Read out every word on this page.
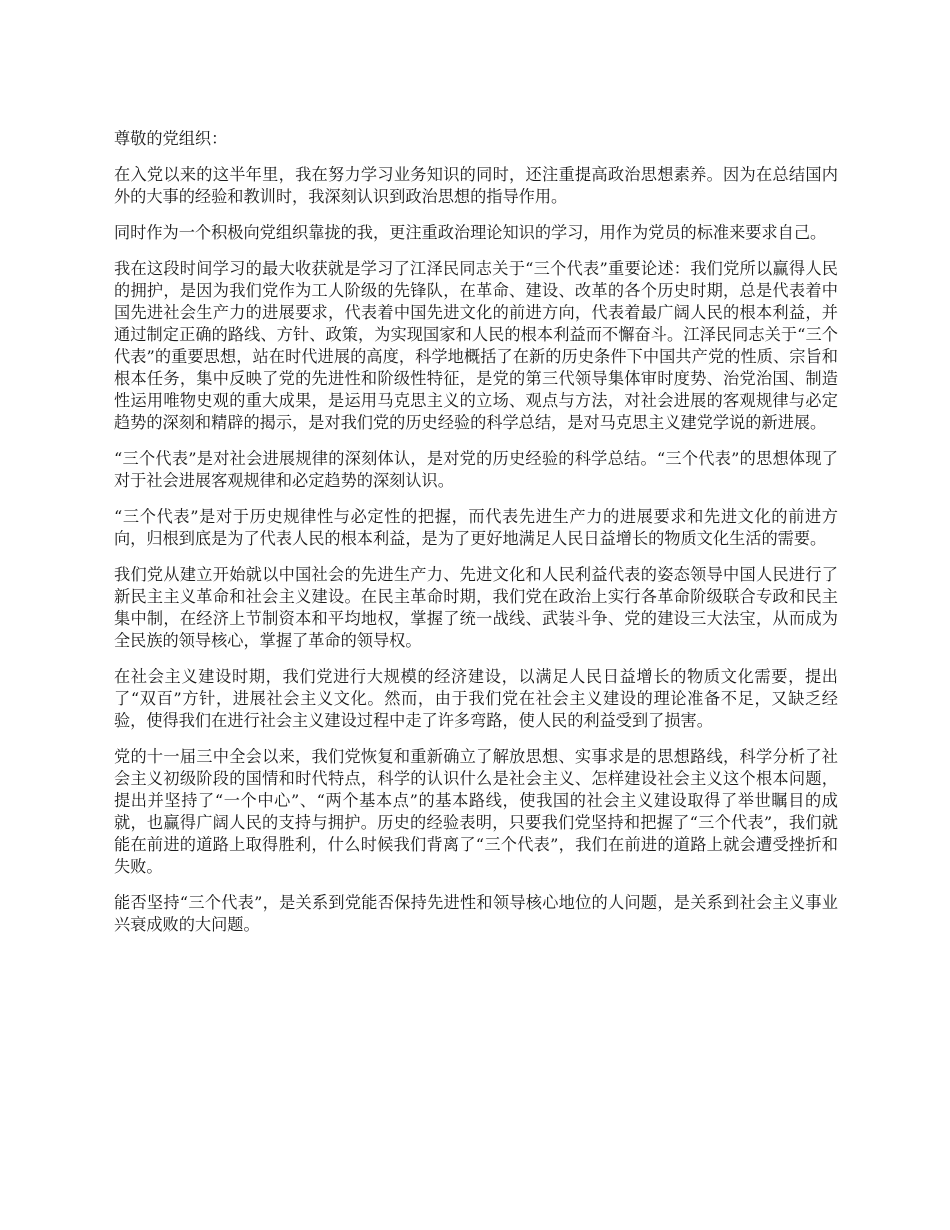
尊敬的党组织：

在入党以来的这半年里，我在努力学习业务知识的同时，还注重提高政治思想素养。因为在总结国内外的大事的经验和教训时，我深刻认识到政治思想的指导作用。

同时作为一个积极向党组织靠拢的我，更注重政治理论知识的学习，用作为党员的标准来要求自己。

我在这段时间学习的最大收获就是学习了江泽民同志关于“三个代表”重要论述：我们党所以赢得人民的拥护，是因为我们党作为工人阶级的先锋队，在革命、建设、改革的各个历史时期，总是代表着中国先进社会生产力的进展要求，代表着中国先进文化的前进方向，代表着最广阔人民的根本利益，并通过制定正确的路线、方针、政策，为实现国家和人民的根本利益而不懈奋斗。江泽民同志关于“三个代表”的重要思想，站在时代进展的高度，科学地概括了在新的历史条件下中国共产党的性质、宗旨和根本任务，集中反映了党的先进性和阶级性特征，是党的第三代领导集体审时度势、治党治国、制造性运用唯物史观的重大成果，是运用马克思主义的立场、观点与方法，对社会进展的客观规律与必定趋势的深刻和精辟的揭示，是对我们党的历史经验的科学总结，是对马克思主义建党学说的新进展。

“三个代表”是对社会进展规律的深刻体认，是对党的历史经验的科学总结。“三个代表”的思想体现了对于社会进展客观规律和必定趋势的深刻认识。

“三个代表”是对于历史规律性与必定性的把握，而代表先进生产力的进展要求和先进文化的前进方向，归根到底是为了代表人民的根本利益，是为了更好地满足人民日益增长的物质文化生活的需要。

我们党从建立开始就以中国社会的先进生产力、先进文化和人民利益代表的姿态领导中国人民进行了新民主主义革命和社会主义建设。在民主革命时期，我们党在政治上实行各革命阶级联合专政和民主集中制，在经济上节制资本和平均地权，掌握了统一战线、武装斗争、党的建设三大法宝，从而成为全民族的领导核心，掌握了革命的领导权。

在社会主义建设时期，我们党进行大规模的经济建设，以满足人民日益增长的物质文化需要，提出了“双百”方针，进展社会主义文化。然而，由于我们党在社会主义建设的理论准备不足，又缺乏经验，使得我们在进行社会主义建设过程中走了许多弯路，使人民的利益受到了损害。

党的十一届三中全会以来，我们党恢复和重新确立了解放思想、实事求是的思想路线，科学分析了社会主义初级阶段的国情和时代特点，科学的认识什么是社会主义、怎样建设社会主义这个根本问题，提出并坚持了“一个中心”、“两个基本点”的基本路线，使我国的社会主义建设取得了举世瞩目的成就，也赢得广阔人民的支持与拥护。历史的经验表明，只要我们党坚持和把握了“三个代表”，我们就能在前进的道路上取得胜利，什么时候我们背离了“三个代表”，我们在前进的道路上就会遭受挫折和失败。

能否坚持“三个代表”，是关系到党能否保持先进性和领导核心地位的人问题，是关系到社会主义事业兴衰成败的大问题。
